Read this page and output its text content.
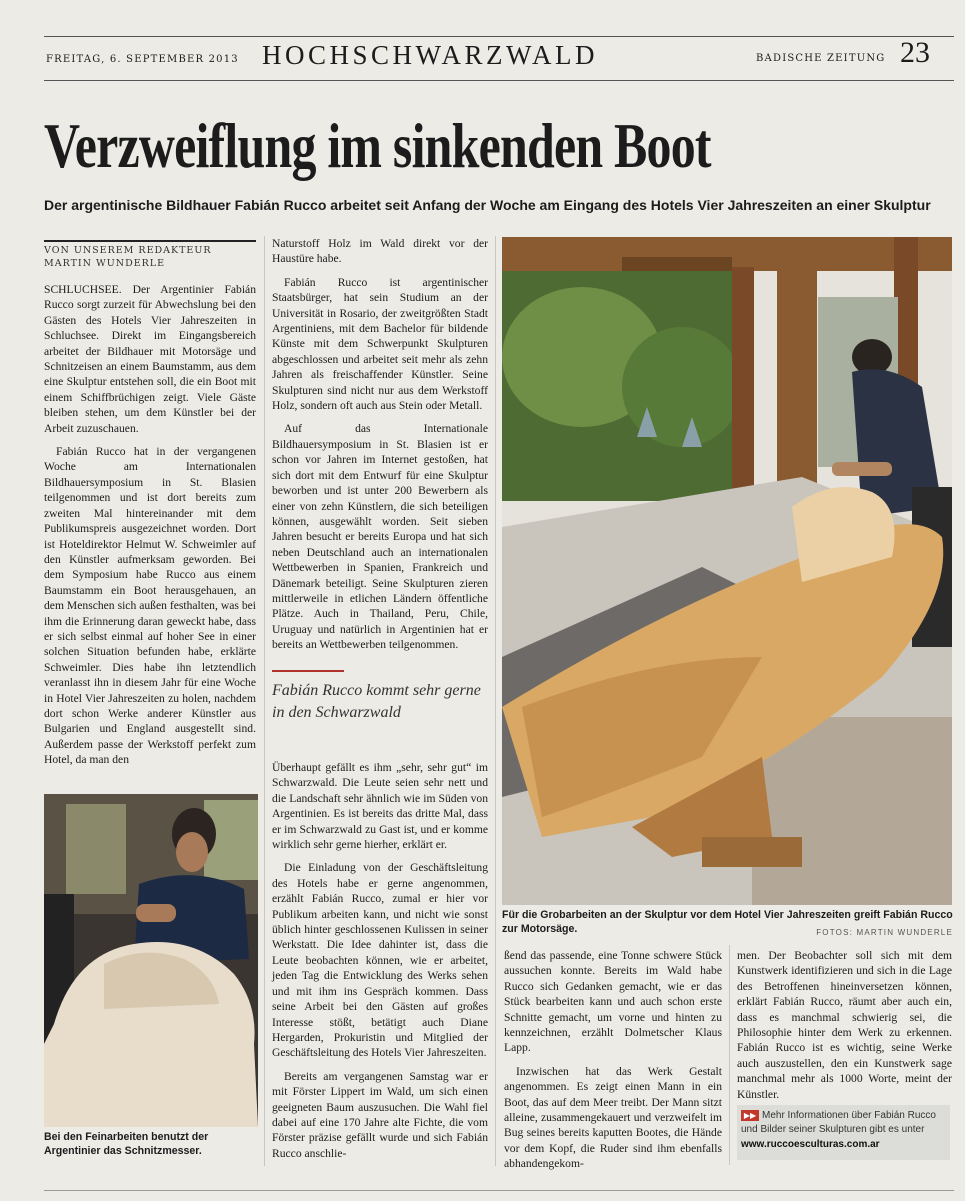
FREITAG, 6. SEPTEMBER 2013 HOCHSCHWARZWALD	BADISCHE ZEITUNG 23
Verzweiflung im sinkenden Boot
Der argentinische Bildhauer Fabián Rucco arbeitet seit Anfang der Woche am Eingang des Hotels Vier Jahreszeiten an einer Skulptur
VON UNSEREM REDAKTEUR
MARTIN WUNDERLE

SCHLUCHSEE. Der Argentinier Fabián Rucco sorgt zurzeit für Abwechslung bei den Gästen des Hotels Vier Jahreszeiten in Schluchsee. Direkt im Eingangsbereich arbeitet der Bildhauer mit Motorsäge und Schnitzeisen an einem Baumstamm, aus dem eine Skulptur entstehen soll, die ein Boot mit einem Schiffbrüchigen zeigt. Viele Gäste bleiben stehen, um dem Künstler bei der Arbeit zuzuschauen.

Fabián Rucco hat in der vergangenen Woche am Internationalen Bildhauersymposium in St. Blasien teilgenommen und ist dort bereits zum zweiten Mal hintereinander mit dem Publikumspreis ausgezeichnet worden. Dort ist Hoteldirektor Helmut W. Schweimler auf den Künstler aufmerksam geworden. Bei dem Symposium habe Rucco aus einem Baumstamm ein Boot herausgehauen, an dem Menschen sich außen festhalten, was bei ihm die Erinnerung daran geweckt habe, dass er sich selbst einmal auf hoher See in einer solchen Situation befunden habe, erklärte Schweimler. Dies habe ihn letztendlich veranlasst ihn in diesem Jahr für eine Woche in Hotel Vier Jahreszeiten zu holen, nachdem dort schon Werke anderer Künstler aus Bulgarien und England ausgestellt sind. Außerdem passe der Werkstoff perfekt zum Hotel, da man den

Bei den Feinarbeiten benutzt der Argentinier das Schnitzmesser.

Naturstoff Holz im Wald direkt vor der Haustüre habe.

Fabián Rucco ist argentinischer Staatsbürger, hat sein Studium an der Universität in Rosario, der zweitgrößten Stadt Argentiniens, mit dem Bachelor für bildende Künste mit dem Schwerpunkt Skulpturen abgeschlossen und arbeitet seit mehr als zehn Jahren als freischaffender Künstler. Seine Skulpturen sind nicht nur aus dem Werkstoff Holz, sondern oft auch aus Stein oder Metall.

Auf das Internationale Bildhauersymposium in St. Blasien ist er schon vor Jahren im Internet gestoßen, hat sich dort mit dem Entwurf für eine Skulptur beworben und ist unter 200 Bewerbern als einer von zehn Künstlern, die sich beteiligen können, ausgewählt worden. Seit sieben Jahren besucht er bereits Europa und hat sich neben Deutschland auch an internationalen Wettbewerben in Spanien, Frankreich und Dänemark beteiligt. Seine Skulpturen zieren mittlerweile in etlichen Ländern öffentliche Plätze. Auch in Thailand, Peru, Chile, Uruguay und natürlich in Argentinien hat er bereits an Wettbewerben teilgenommen.

Fabián Rucco kommt sehr gerne in den Schwarzwald

Überhaupt gefällt es ihm „sehr, sehr gut“ im Schwarzwald. Die Leute seien sehr nett und die Landschaft sehr ähnlich wie im Süden von Argentinien. Es ist bereits das dritte Mal, dass er im Schwarzwald zu Gast ist, und er komme wirklich sehr gerne hierher, erklärt er.

Die Einladung von der Geschäftsleitung des Hotels habe er gerne angenommen, erzählt Fabián Rucco, zumal er hier vor Publikum arbeiten kann, und nicht wie sonst üblich hinter geschlossenen Kulissen in seiner Werkstatt. Die Idee dahinter ist, dass die Leute beobachten können, wie er arbeitet, jeden Tag die Entwicklung des Werks sehen und mit ihm ins Gespräch kommen. Dass seine Arbeit bei den Gästen auf großes Interesse stößt, betätigt auch Diane Hergarden, Prokuristin und Mitglied der Geschäftsleitung des Hotels Vier Jahreszeiten.

Bereits am vergangenen Samstag war er mit Förster Lippert im Wald, um sich einen geeigneten Baum auszusuchen. Die Wahl fiel dabei auf eine 170 Jahre alte Fichte, die vom Förster präzise gefällt wurde und sich Fabián Rucco anschlie-

Für die Grobarbeiten an der Skulptur vor dem Hotel Vier Jahreszeiten greift Fabián Rucco zur Motorsäge.	FOTOS: MARTIN WUNDERLE

ßend das passende, eine Tonne schwere Stück aussuchen konnte. Bereits im Wald habe Rucco sich Gedanken gemacht, wie er das Stück bearbeiten kann und auch schon erste Schnitte gemacht, um vorne und hinten zu kennzeichnen, erzählt Dolmetscher Klaus Lapp.

Inzwischen hat das Werk Gestalt angenommen. Es zeigt einen Mann in ein Boot, das auf dem Meer treibt. Der Mann sitzt alleine, zusammengekauert und verzweifelt im Bug seines bereits kaputten Bootes, die Hände vor dem Kopf, die Ruder sind ihm ebenfalls abhandengekom-

men. Der Beobachter soll sich mit dem Kunstwerk identifizieren und sich in die Lage des Betroffenen hineinversetzen können, erklärt Fabián Rucco, räumt aber auch ein, dass es manchmal schwierig sei, die Philosophie hinter dem Werk zu erkennen. Fabián Rucco ist es wichtig, seine Werke auch auszustellen, den ein Kunstwerk sage manchmal mehr als 1000 Worte, meint der Künstler.

▶▶ Mehr Informationen über Fabián Rucco und Bilder seiner Skulpturen gibt es unter
www.ruccoesculturas.com.ar
